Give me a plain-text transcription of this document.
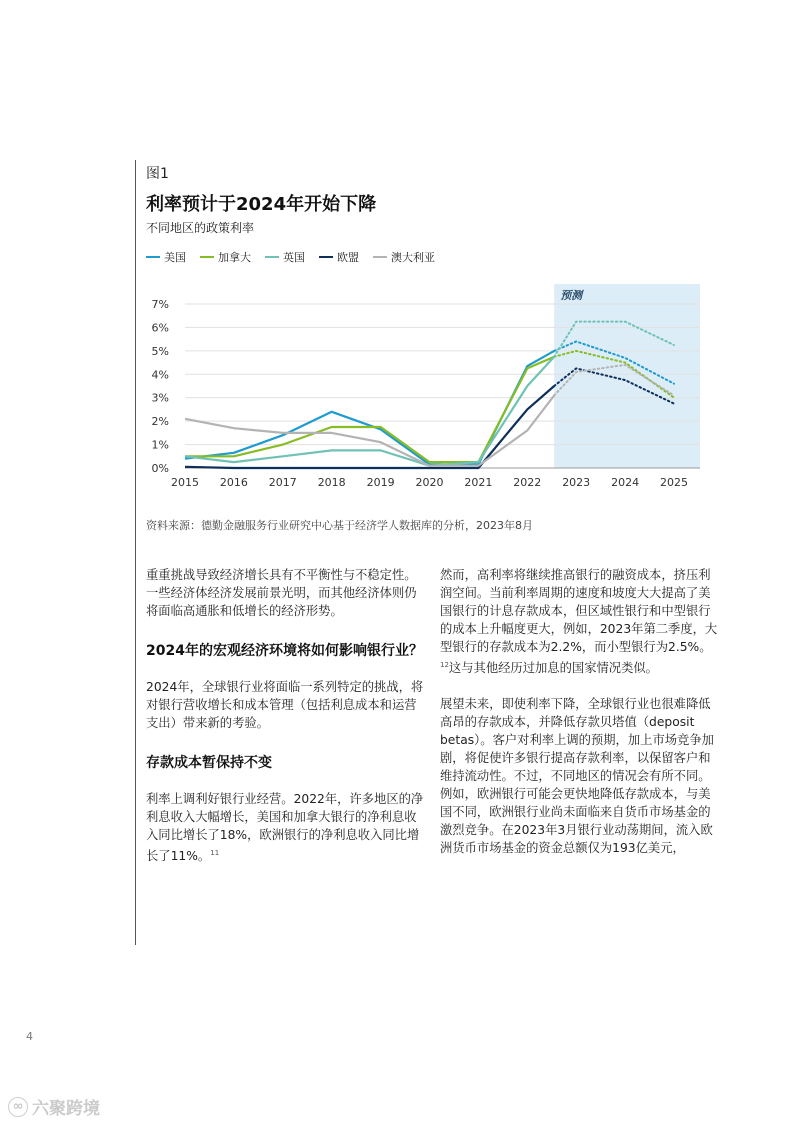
图1
利率预计于2024年开始下降
不同地区的政策利率
美国	加拿大	英国	欧盟	澳大利亚
预测
0%
1%
2%
3%
4%
5%
6%
7%
2015 2016 2017 2018 2019 2020 2021 2022 2023 2024 2025
资料来源：德勤金融服务行业研究中心基于经济学人数据库的分析，2023年8月

重重挑战导致经济增长具有不平衡性与不稳定性。一些经济体经济发展前景光明，而其他经济体则仍将面临高通胀和低增长的经济形势。

2024年的宏观经济环境将如何影响银行业？

2024年，全球银行业将面临一系列特定的挑战，将对银行营收增长和成本管理（包括利息成本和运营支出）带来新的考验。

存款成本暂保持不变

利率上调利好银行业经营。2022年，许多地区的净利息收入大幅增长，美国和加拿大银行的净利息收入同比增长了18%，欧洲银行的净利息收入同比增长了11%。$^{11}$

然而，高利率将继续推高银行的融资成本，挤压利润空间。当前利率周期的速度和坡度大大提高了美国银行的计息存款成本，但区域性银行和中型银行的成本上升幅度更大，例如，2023年第二季度，大型银行的存款成本为2.2%，而小型银行为2.5%。$^{12}$这与其他经历过加息的国家情况类似。

展望未来，即使利率下降，全球银行业也很难降低高昂的存款成本，并降低存款贝塔值（deposit betas）。客户对利率上调的预期，加上市场竞争加剧，将促使许多银行提高存款利率，以保留客户和维持流动性。不过，不同地区的情况会有所不同。例如，欧洲银行可能会更快地降低存款成本，与美国不同，欧洲银行业尚未面临来自货币市场基金的激烈竞争。在2023年3月银行业动荡期间，流入欧洲货币市场基金的资金总额仅为193亿美元，

4
∞ 六聚跨境
